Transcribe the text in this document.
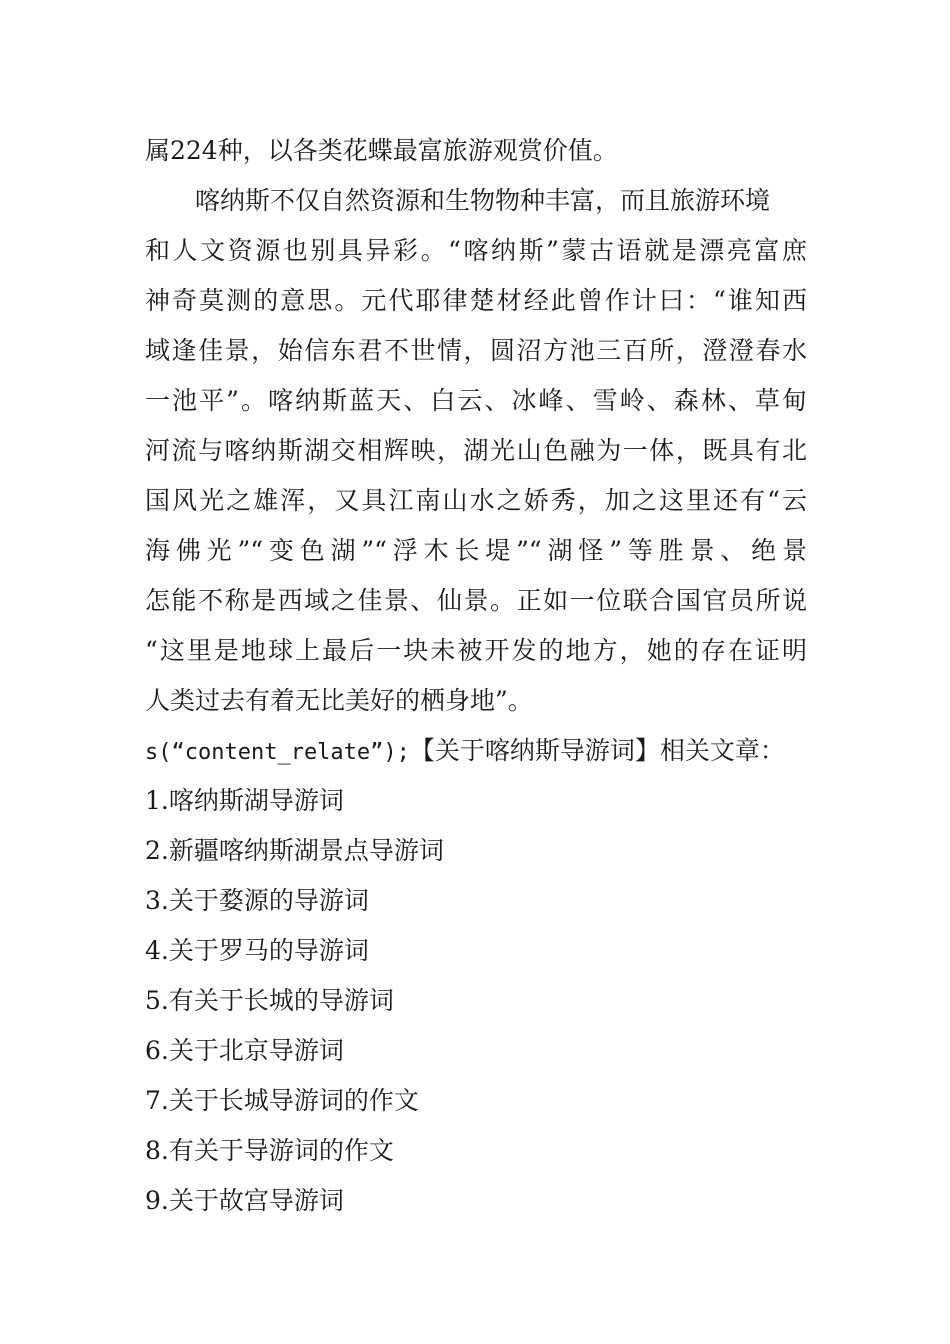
属224种，以各类花蝶最富旅游观赏价值。
喀纳斯不仅自然资源和生物物种丰富，而且旅游环境
和人文资源也别具异彩。“喀纳斯”蒙古语就是漂亮富庶
神奇莫测的意思。元代耶律楚材经此曾作计曰：“谁知西
域逢佳景，始信东君不世情，圆沼方池三百所，澄澄春水
一池平”。喀纳斯蓝天、白云、冰峰、雪岭、森林、草甸
河流与喀纳斯湖交相辉映，湖光山色融为一体，既具有北
国风光之雄浑，又具江南山水之娇秀，加之这里还有“云
海佛光”“变色湖”“浮木长堤”“湖怪”等胜景、绝景
怎能不称是西域之佳景、仙景。正如一位联合国官员所说
“这里是地球上最后一块未被开发的地方，她的存在证明
人类过去有着无比美好的栖身地”。
s(“content_relate”);【关于喀纳斯导游词】相关文章：
1.喀纳斯湖导游词
2.新疆喀纳斯湖景点导游词
3.关于婺源的导游词
4.关于罗马的导游词
5.有关于长城的导游词
6.关于北京导游词
7.关于长城导游词的作文
8.有关于导游词的作文
9.关于故宫导游词
